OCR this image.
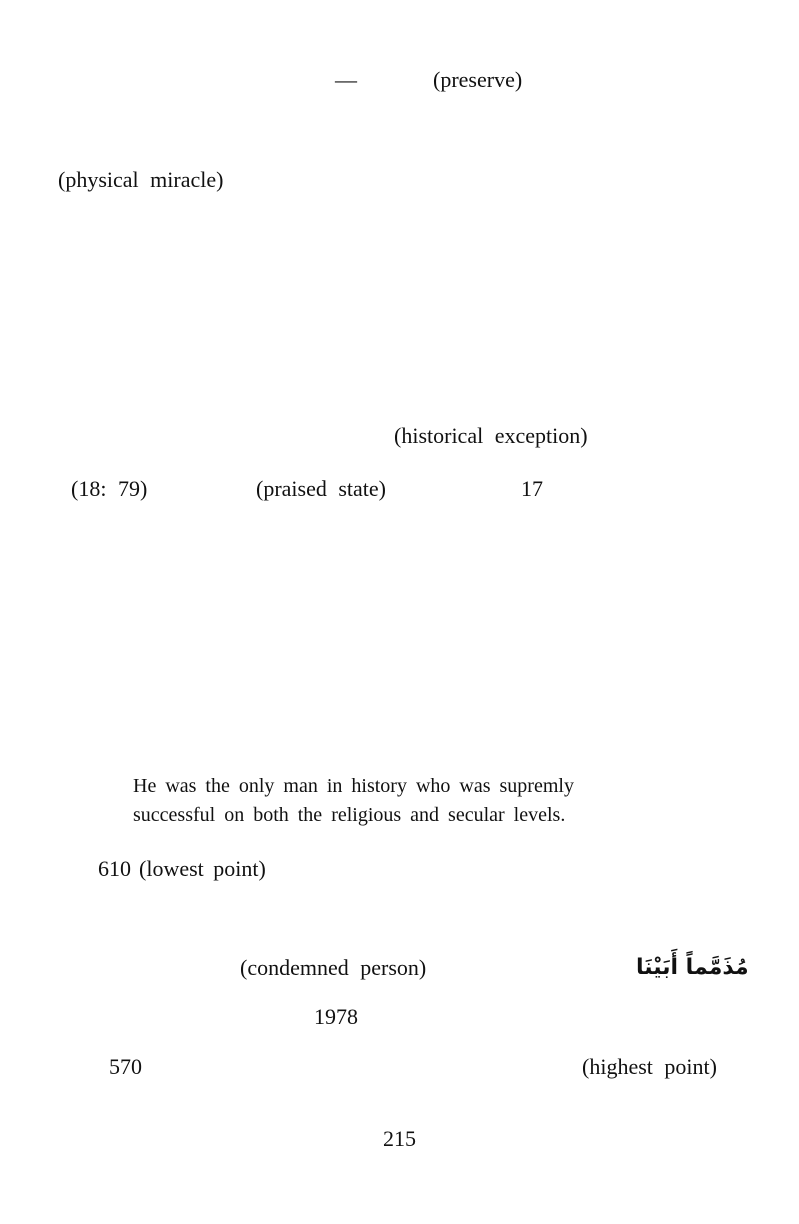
—	(preserve)
(physical miracle)
(historical exception)
(18: 79)	(praised state)	17
He was the only man in history who was supremly
successful on both the religious and secular levels.
610 (lowest point)
(condemned person)	مُذَمَّماً أَبَيْنَا
1978
570	(highest point)
215
